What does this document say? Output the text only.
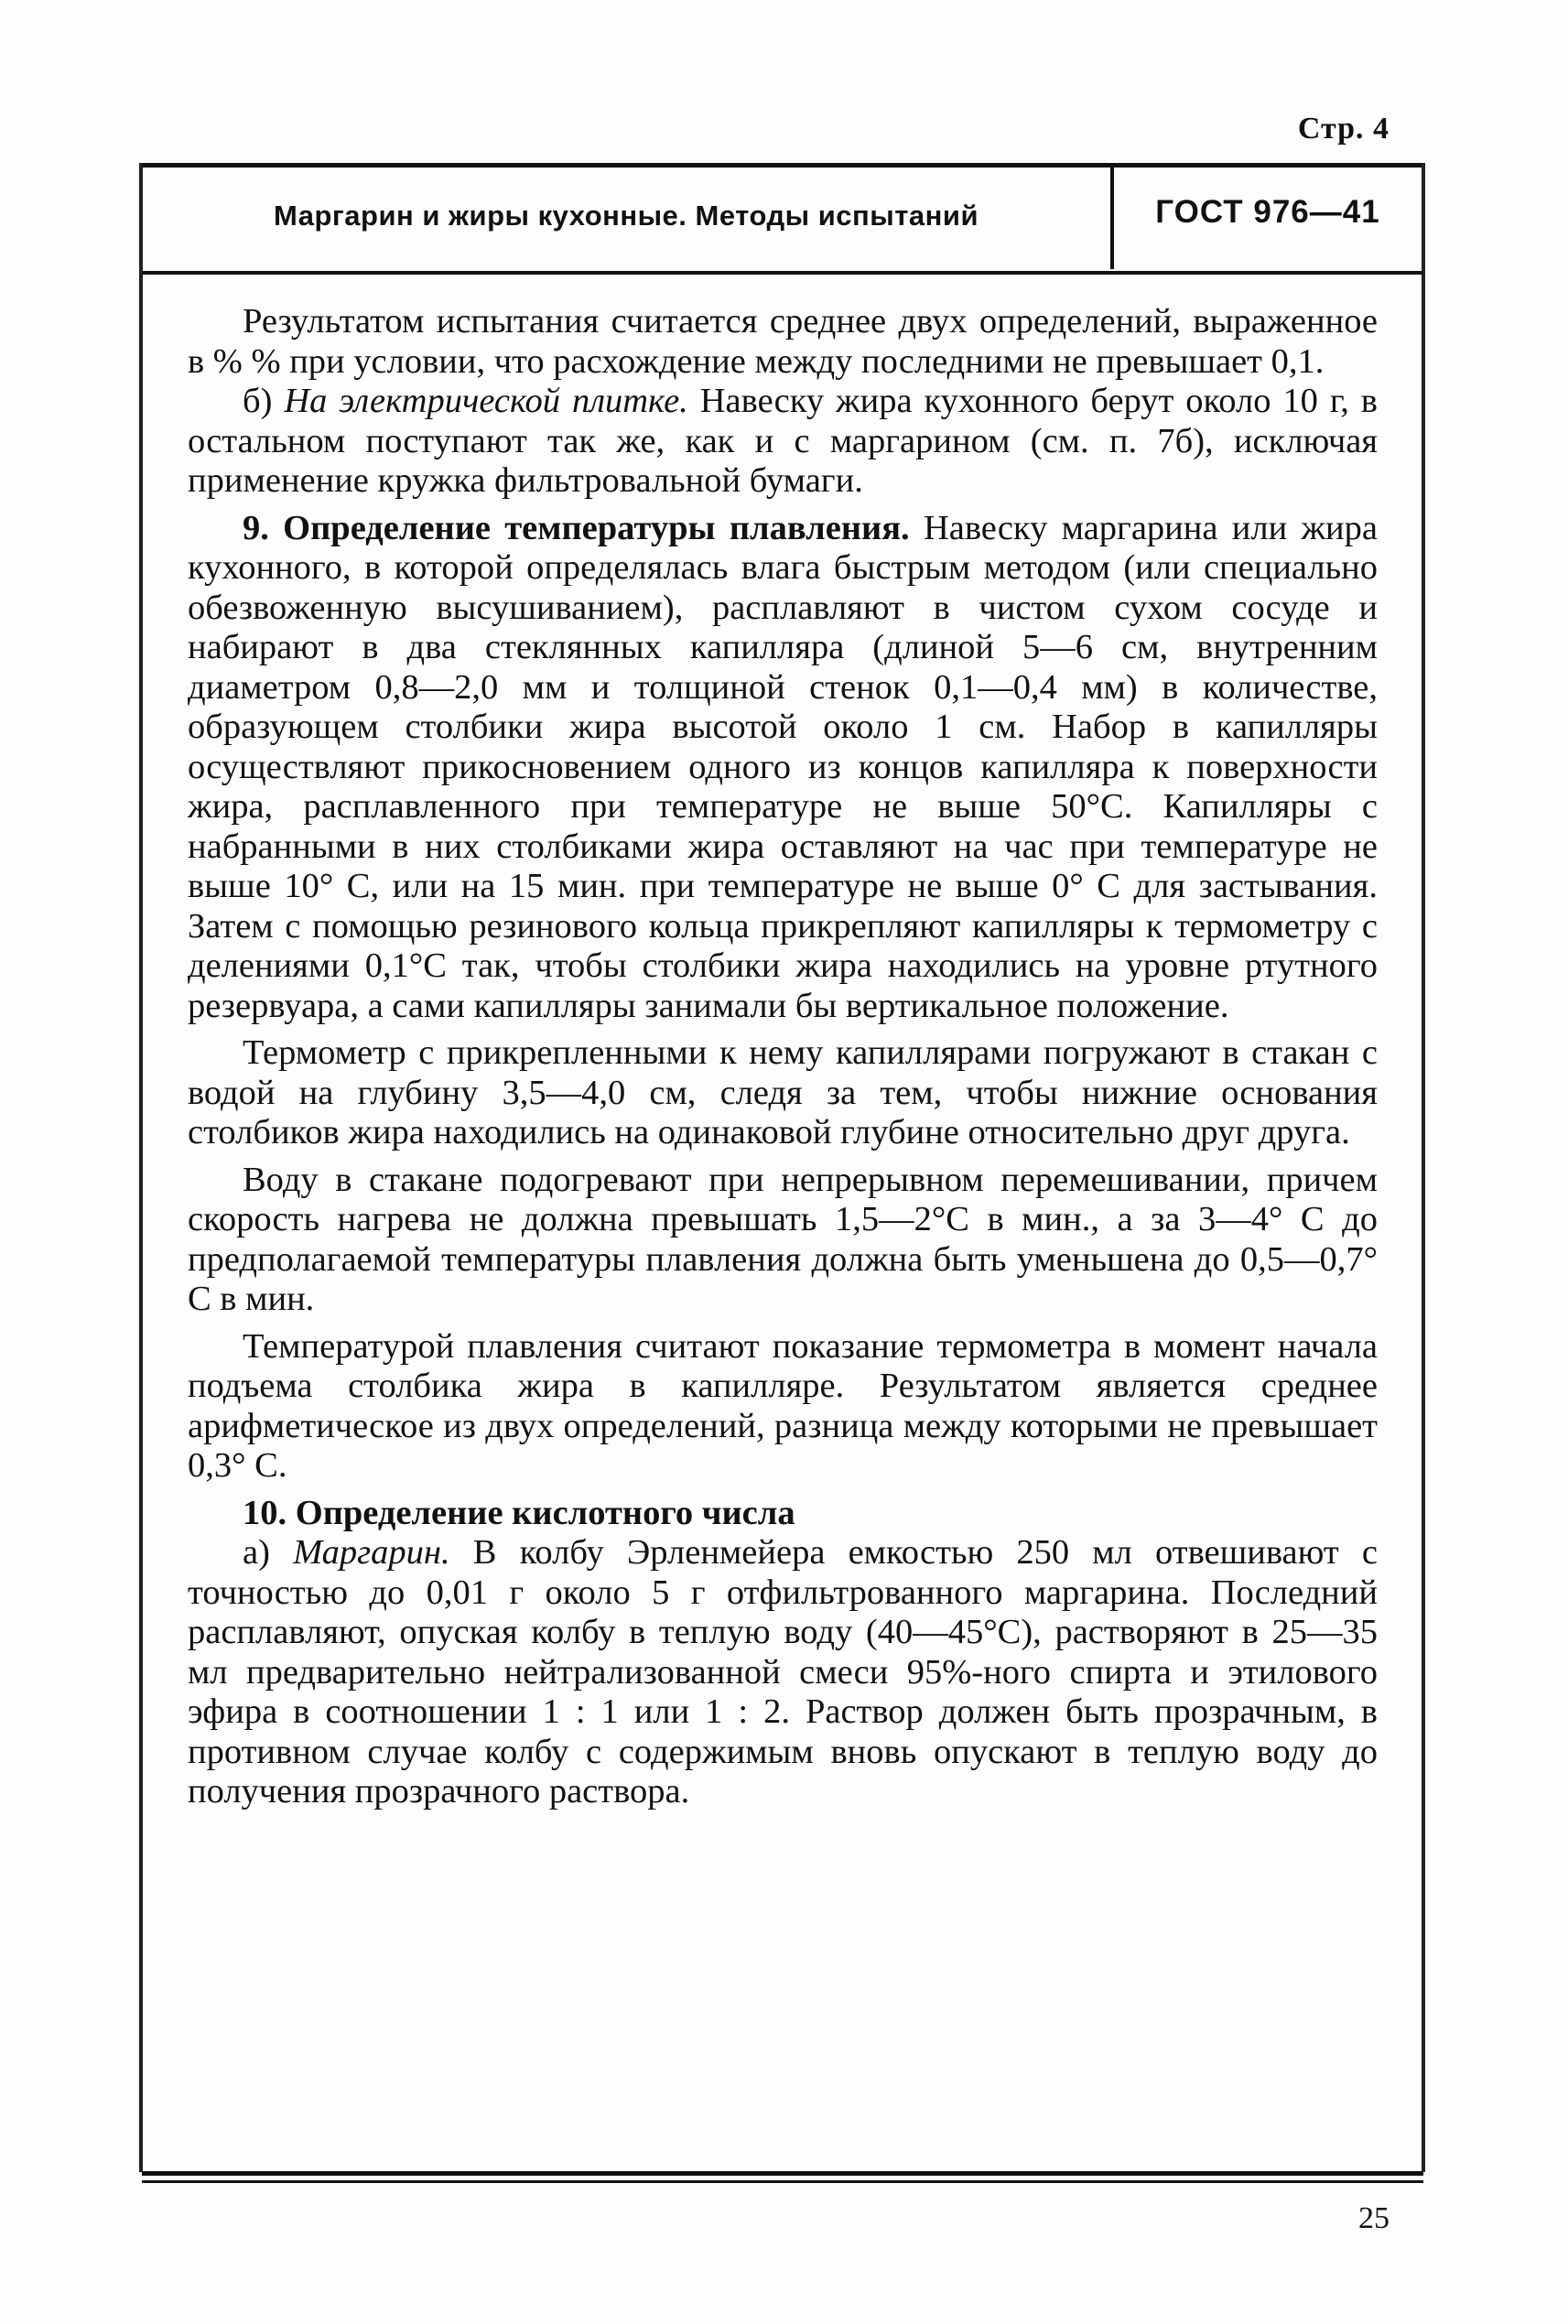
Стр. 4
Маргарин и жиры кухонные. Методы испытаний	ГОСТ 976—41

Результатом испытания считается среднее двух определений, выраженное в % % при условии, что расхождение между последними не превышает 0,1.

б) На электрической плитке. Навеску жира кухонного берут около 10 г, в остальном поступают так же, как и с маргарином (см. п. 7б), исключая применение кружка фильтровальной бумаги.

9. Определение температуры плавления. Навеску маргарина или жира кухонного, в которой определялась влага быстрым методом (или специально обезвоженную высушиванием), расплавляют в чистом сухом сосуде и набирают в два стеклянных капилляра (длиной 5—6 см, внутренним диаметром 0,8—2,0 мм и толщиной стенок 0,1—0,4 мм) в количестве, образующем столбики жира высотой около 1 см. Набор в капилляры осуществляют прикосновением одного из концов капилляра к поверхности жира, расплавленного при температуре не выше 50°С. Капилляры с набранными в них столбиками жира оставляют на час при температуре не выше 10° С, или на 15 мин. при температуре не выше 0° С для застывания. Затем с помощью резинового кольца прикрепляют капилляры к термометру с делениями 0,1°С так, чтобы столбики жира находились на уровне ртутного резервуара, а сами капилляры занимали бы вертикальное положение.

Термометр с прикрепленными к нему капиллярами погружают в стакан с водой на глубину 3,5—4,0 см, следя за тем, чтобы нижние основания столбиков жира находились на одинаковой глубине относительно друг друга.

Воду в стакане подогревают при непрерывном перемешивании, причем скорость нагрева не должна превышать 1,5—2°С в мин., а за 3—4° С до предполагаемой температуры плавления должна быть уменьшена до 0,5—0,7° С в мин.

Температурой плавления считают показание термометра в момент начала подъема столбика жира в капилляре. Результатом является среднее арифметическое из двух определений, разница между которыми не превышает 0,3° С.

10. Определение кислотного числа

а) Маргарин. В колбу Эрленмейера емкостью 250 мл отвешивают с точностью до 0,01 г около 5 г отфильтрованного маргарина. Последний расплавляют, опуская колбу в теплую воду (40—45°С), растворяют в 25—35 мл предварительно нейтрализованной смеси 95%-ного спирта и этилового эфира в соотношении 1 : 1 или 1 : 2. Раствор должен быть прозрачным, в противном случае колбу с содержимым вновь опускают в теплую воду до получения прозрачного раствора.

25
